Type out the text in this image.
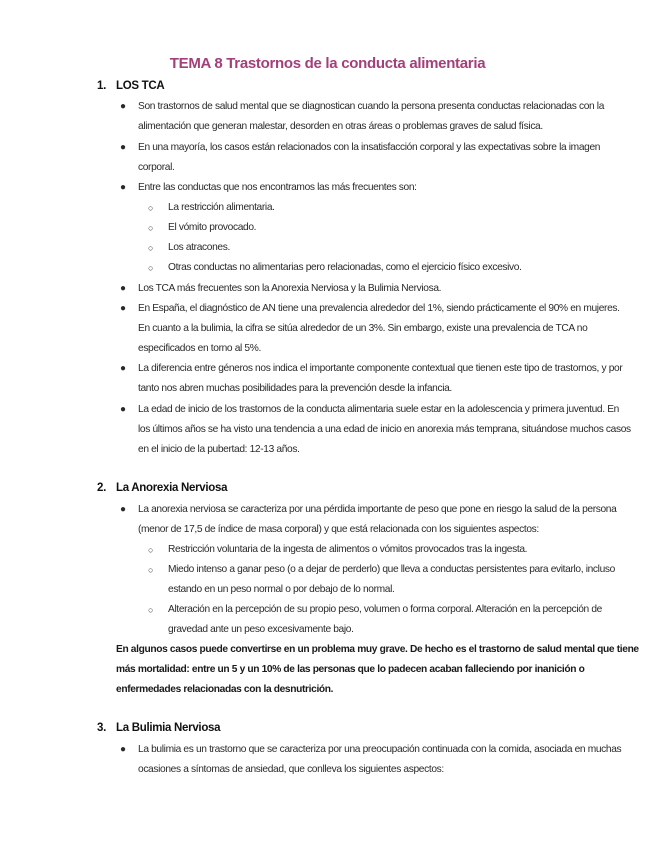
TEMA 8 Trastornos de la conducta alimentaria
1. LOS TCA
● Son trastornos de salud mental que se diagnostican cuando la persona presenta conductas relacionadas con la
alimentación que generan malestar, desorden en otras áreas o problemas graves de salud física.
● En una mayoría, los casos están relacionados con la insatisfacción corporal y las expectativas sobre la imagen
corporal.
● Entre las conductas que nos encontramos las más frecuentes son:
○ La restricción alimentaria.
○ El vómito provocado.
○ Los atracones.
○ Otras conductas no alimentarias pero relacionadas, como el ejercicio físico excesivo.
● Los TCA más frecuentes son la Anorexia Nerviosa y la Bulimia Nerviosa.
● En España, el diagnóstico de AN tiene una prevalencia alrededor del 1%, siendo prácticamente el 90% en mujeres.
En cuanto a la bulimia, la cifra se sitúa alrededor de un 3%. Sin embargo, existe una prevalencia de TCA no
especificados en torno al 5%.
● La diferencia entre géneros nos indica el importante componente contextual que tienen este tipo de trastornos, y por
tanto nos abren muchas posibilidades para la prevención desde la infancia.
● La edad de inicio de los trastornos de la conducta alimentaria suele estar en la adolescencia y primera juventud. En
los últimos años se ha visto una tendencia a una edad de inicio en anorexia más temprana, situándose muchos casos
en el inicio de la pubertad: 12-13 años.
2. La Anorexia Nerviosa
● La anorexia nerviosa se caracteriza por una pérdida importante de peso que pone en riesgo la salud de la persona
(menor de 17,5 de índice de masa corporal) y que está relacionada con los siguientes aspectos:
○ Restricción voluntaria de la ingesta de alimentos o vómitos provocados tras la ingesta.
○ Miedo intenso a ganar peso (o a dejar de perderlo) que lleva a conductas persistentes para evitarlo, incluso
estando en un peso normal o por debajo de lo normal.
○ Alteración en la percepción de su propio peso, volumen o forma corporal. Alteración en la percepción de
gravedad ante un peso excesivamente bajo.
En algunos casos puede convertirse en un problema muy grave. De hecho es el trastorno de salud mental que tiene
más mortalidad: entre un 5 y un 10% de las personas que lo padecen acaban falleciendo por inanición o
enfermedades relacionadas con la desnutrición.
3. La Bulimia Nerviosa
● La bulimia es un trastorno que se caracteriza por una preocupación continuada con la comida, asociada en muchas
ocasiones a síntomas de ansiedad, que conlleva los siguientes aspectos:
